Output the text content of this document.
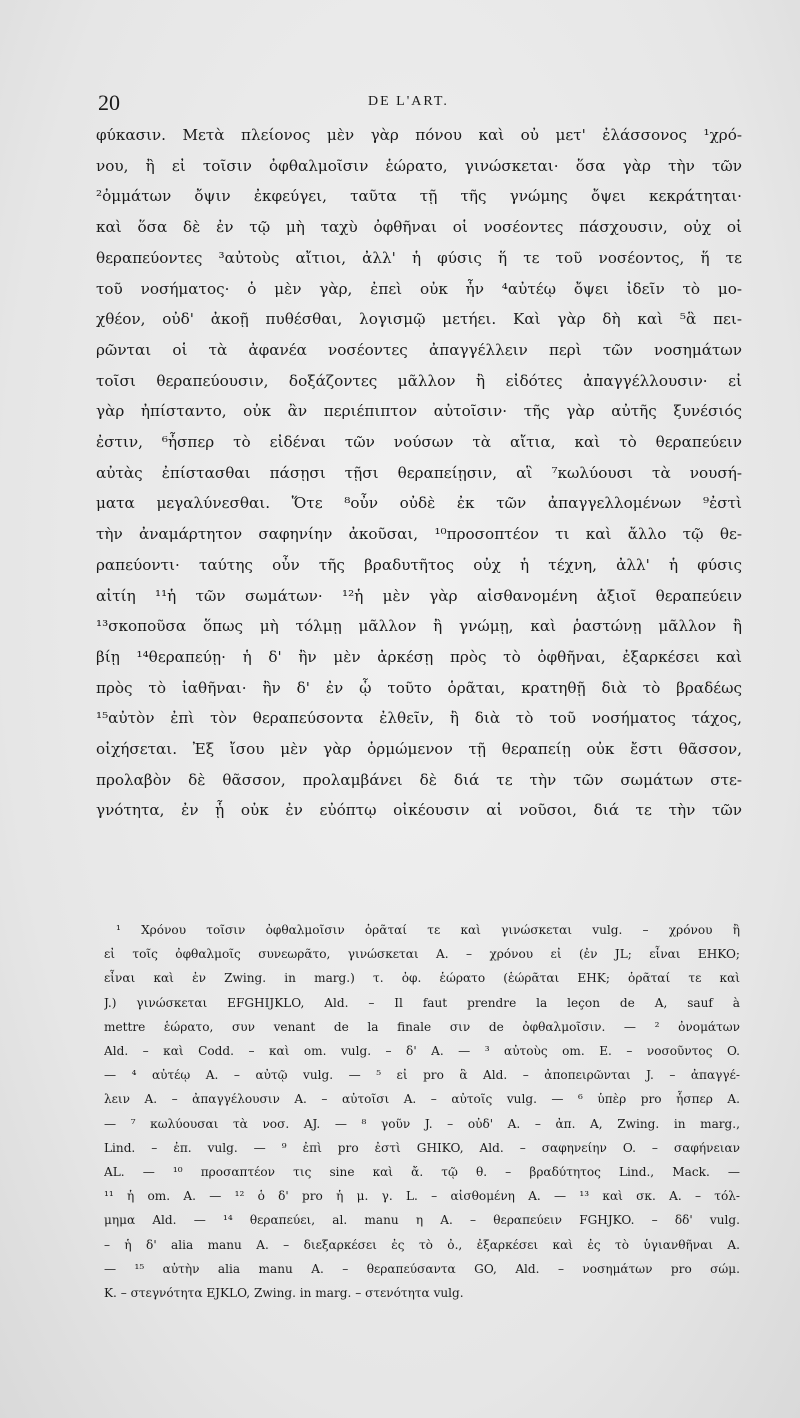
20	DE L'ART.
φύκασιν. Μετὰ πλείονος μὲν γὰρ πόνου καὶ οὐ μετ' ἐλάσσονος ¹χρό-
νου, ἢ εἰ τοῖσιν ὀφθαλμοῖσιν ἑώρατο, γινώσκεται· ὅσα γὰρ τὴν τῶν
²ὀμμάτων ὄψιν ἐκφεύγει, ταῦτα τῇ τῆς γνώμης ὄψει κεκράτηται·
καὶ ὅσα δὲ ἐν τῷ μὴ ταχὺ ὀφθῆναι οἱ νοσέοντες πάσχουσιν, οὐχ οἱ
θεραπεύοντες ³αὐτοὺς αἴτιοι, ἀλλ' ἡ φύσις ἥ τε τοῦ νοσέοντος, ἥ τε
τοῦ νοσήματος· ὁ μὲν γὰρ, ἐπεὶ οὐκ ἦν ⁴αὐτέῳ ὄψει ἰδεῖν τὸ μο-
χθέον, οὐδ' ἀκοῇ πυθέσθαι, λογισμῷ μετήει. Καὶ γὰρ δὴ καὶ ⁵ἃ πει-
ρῶνται οἱ τὰ ἀφανέα νοσέοντες ἀπαγγέλλειν περὶ τῶν νοσημάτων
τοῖσι θεραπεύουσιν, δοξάζοντες μᾶλλον ἢ εἰδότες ἀπαγγέλλουσιν· εἰ
γὰρ ἠπίσταντο, οὐκ ἂν περιέπιπτον αὐτοῖσιν· τῆς γὰρ αὐτῆς ξυνέσιός
ἐστιν, ⁶ἧσπερ τὸ εἰδέναι τῶν νούσων τὰ αἴτια, καὶ τὸ θεραπεύειν
αὐτὰς ἐπίστασθαι πάσῃσι τῇσι θεραπείῃσιν, αἳ ⁷κωλύουσι τὰ νουσή-
ματα μεγαλύνεσθαι. Ὅτε ⁸οὖν οὐδὲ ἐκ τῶν ἀπαγγελλομένων ⁹ἐστὶ
τὴν ἀναμάρτητον σαφηνίην ἀκοῦσαι, ¹⁰προσοπτέον τι καὶ ἄλλο τῷ θε-
ραπεύοντι· ταύτης οὖν τῆς βραδυτῆτος οὐχ ἡ τέχνη, ἀλλ' ἡ φύσις
αἰτίη ¹¹ἡ τῶν σωμάτων· ¹²ἡ μὲν γὰρ αἰσθανομένη ἀξιοῖ θεραπεύειν
¹³σκοποῦσα ὅπως μὴ τόλμῃ μᾶλλον ἢ γνώμῃ, καὶ ῥαστώνῃ μᾶλλον ἢ
βίῃ ¹⁴θεραπεύῃ· ἡ δ' ἢν μὲν ἀρκέσῃ πρὸς τὸ ὀφθῆναι, ἐξαρκέσει καὶ
πρὸς τὸ ἰαθῆναι· ἢν δ' ἐν ᾧ τοῦτο ὁρᾶται, κρατηθῇ διὰ τὸ βραδέως
¹⁵αὐτὸν ἐπὶ τὸν θεραπεύσοντα ἐλθεῖν, ἢ διὰ τὸ τοῦ νοσήματος τάχος,
οἰχήσεται. Ἐξ ἴσου μὲν γὰρ ὁρμώμενον τῇ θεραπείῃ οὐκ ἔστι θᾶσσον,
προλαβὸν δὲ θᾶσσον, προλαμβάνει δὲ διά τε τὴν τῶν σωμάτων στε-
γνότητα, ἐν ᾗ οὐκ ἐν εὐόπτῳ οἰκέουσιν αἱ νοῦσοι, διά τε τὴν τῶν
¹ Χρόνου τοῖσιν ὀφθαλμοῖσιν ὁρᾶταί τε καὶ γινώσκεται vulg. – χρόνου ἢ
εἰ τοῖς ὀφθαλμοῖς συνεωρᾶτο, γινώσκεται A. – χρόνου εἰ (ἐν JL; εἶναι EHKO;
εἶναι καὶ ἐν Zwing. in marg.) τ. ὀφ. ἑώρατο (ἑώρᾶται EHK; ὁρᾶταί τε καὶ
J.) γινώσκεται EFGHIJKLO, Ald. – Il faut prendre la leçon de A, sauf à
mettre ἑώρατο, συν venant de la finale σιν de ὀφθαλμοῖσιν. — ² ὀνομάτων
Ald. – καὶ Codd. – καὶ om. vulg. – δ' A. — ³ αὐτοὺς om. E. – νοσοῦντος O.
— ⁴ αὐτέῳ A. – αὐτῷ vulg. — ⁵ εἰ pro ἃ Ald. – ἀποπειρῶνται J. – ἀπαγγέ-
λειν A. – ἀπαγγέλουσιν A. – αὐτοῖσι A. – αὐτοῖς vulg. — ⁶ ὑπὲρ pro ἧσπερ A.
— ⁷ κωλύουσαι τὰ νοσ. AJ. — ⁸ γοῦν J. – οὐδ' A. – ἀπ. A, Zwing. in marg.,
Lind. – ἐπ. vulg. — ⁹ ἐπὶ pro ἐστὶ GHIKO, Ald. – σαφηνείην O. – σαφήνειαν
AL. — ¹⁰ προσαπτέον τις sine καὶ ἄ. τῷ θ. – βραδύτητος Lind., Mack. —
¹¹ ἡ om. A. — ¹² ὁ δ' pro ἡ μ. γ. L. – αἰσθομένη A. — ¹³ καὶ σκ. A. – τόλ-
μημα Ald. — ¹⁴ θεραπεύει, al. manu η A. – θεραπεύειν FGHJKO. – δδ' vulg.
– ἡ δ' alia manu A. – διεξαρκέσει ἐς τὸ ὀ., ἐξαρκέσει καὶ ἐς τὸ ὑγιανθῆναι A.
— ¹⁵ αὐτὴν alia manu A. – θεραπεύσαντα GO, Ald. – νοσημάτων pro σώμ.
K. – στεγνότητα EJKLO, Zwing. in marg. – στενότητα vulg.
